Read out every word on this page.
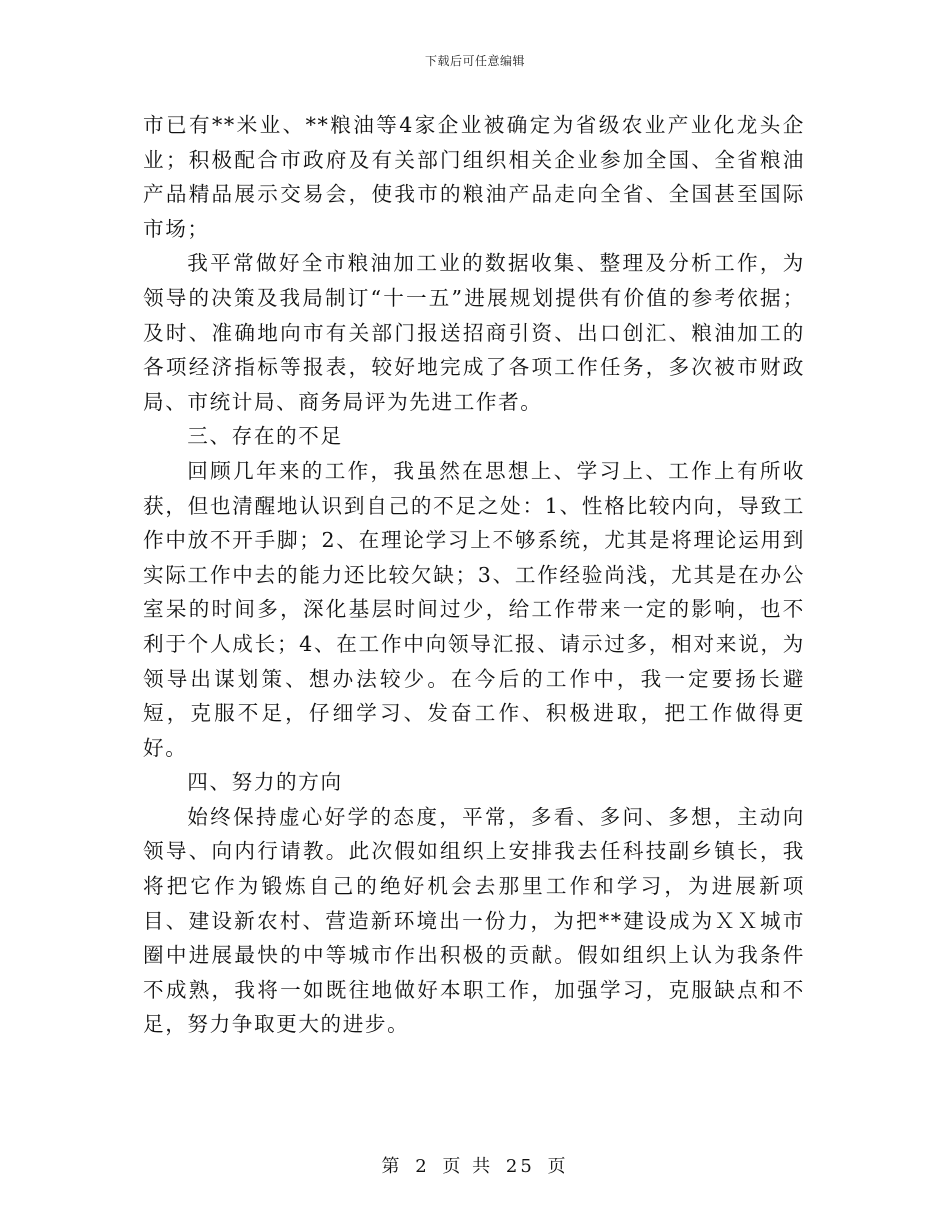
下载后可任意编辑

市已有**米业、**粮油等4家企业被确定为省级农业产业化龙头企业；积极配合市政府及有关部门组织相关企业参加全国、全省粮油产品精品展示交易会，使我市的粮油产品走向全省、全国甚至国际市场；

我平常做好全市粮油加工业的数据收集、整理及分析工作，为领导的决策及我局制订“十一五”进展规划提供有价值的参考依据；及时、准确地向市有关部门报送招商引资、出口创汇、粮油加工的各项经济指标等报表，较好地完成了各项工作任务，多次被市财政局、市统计局、商务局评为先进工作者。

三、存在的不足

回顾几年来的工作，我虽然在思想上、学习上、工作上有所收获，但也清醒地认识到自己的不足之处：1、性格比较内向，导致工作中放不开手脚；2、在理论学习上不够系统，尤其是将理论运用到实际工作中去的能力还比较欠缺；3、工作经验尚浅，尤其是在办公室呆的时间多，深化基层时间过少，给工作带来一定的影响，也不利于个人成长；4、在工作中向领导汇报、请示过多，相对来说，为领导出谋划策、想办法较少。在今后的工作中，我一定要扬长避短，克服不足，仔细学习、发奋工作、积极进取，把工作做得更好。

四、努力的方向

始终保持虚心好学的态度，平常，多看、多问、多想，主动向领导、向内行请教。此次假如组织上安排我去任科技副乡镇长，我将把它作为锻炼自己的绝好机会去那里工作和学习，为进展新项目、建设新农村、营造新环境出一份力，为把**建设成为ＸＸ城市圈中进展最快的中等城市作出积极的贡献。假如组织上认为我条件不成熟，我将一如既往地做好本职工作，加强学习，克服缺点和不足，努力争取更大的进步。

第 2 页 共 25 页
